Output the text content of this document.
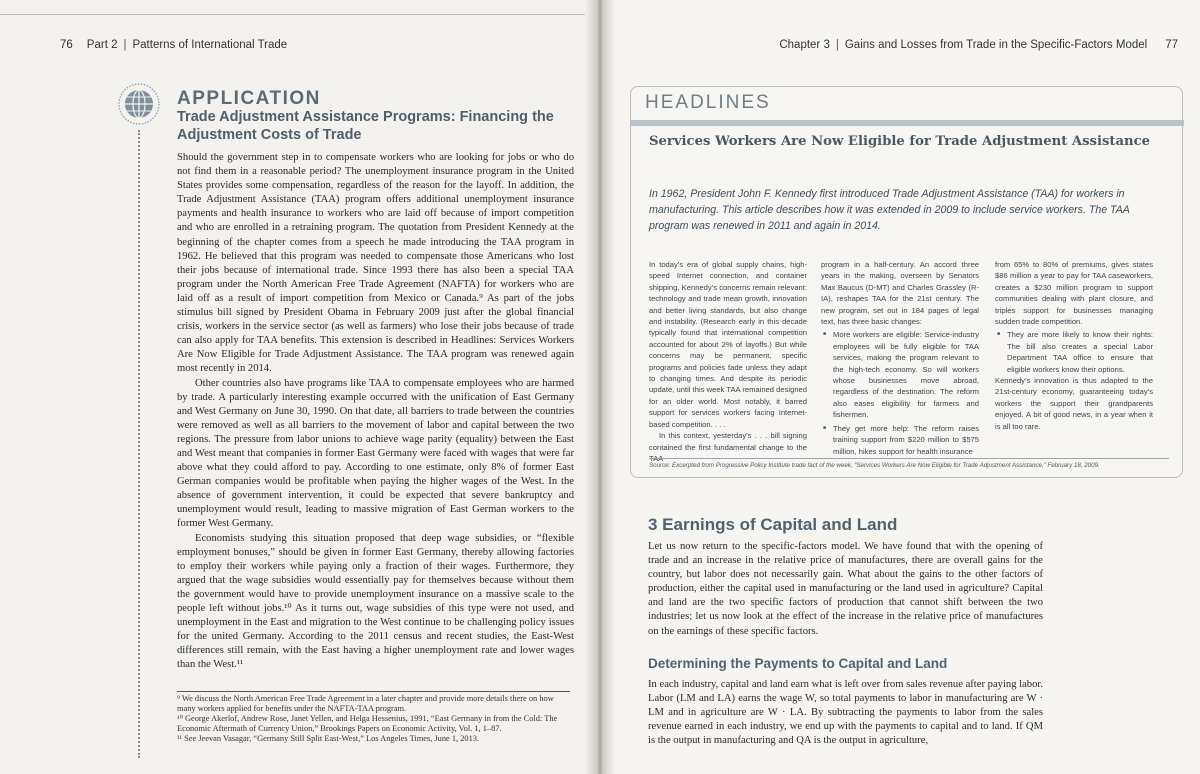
76 Part 2 | Patterns of International Trade
APPLICATION
Trade Adjustment Assistance Programs: Financing the Adjustment Costs of Trade

Should the government step in to compensate workers who are looking for jobs or who do not find them in a reasonable period? The unemployment insurance program in the United States provides some compensation, regardless of the reason for the layoff. In addition, the Trade Adjustment Assistance (TAA) program offers additional unemployment insurance payments and health insurance to workers who are laid off because of import competition and who are enrolled in a retraining program. The quotation from President Kennedy at the beginning of the chapter comes from a speech he made introducing the TAA program in 1962. He believed that this program was needed to compensate those Americans who lost their jobs because of international trade. Since 1993 there has also been a special TAA program under the North American Free Trade Agreement (NAFTA) for workers who are laid off as a result of import competition from Mexico or Canada.⁹ As part of the jobs stimulus bill signed by President Obama in February 2009 just after the global financial crisis, workers in the service sector (as well as farmers) who lose their jobs because of trade can also apply for TAA benefits. This extension is described in Headlines: Services Workers Are Now Eligible for Trade Adjustment Assistance. The TAA program was renewed again most recently in 2014.

Other countries also have programs like TAA to compensate employees who are harmed by trade. A particularly interesting example occurred with the unification of East Germany and West Germany on June 30, 1990. On that date, all barriers to trade between the countries were removed as well as all barriers to the movement of labor and capital between the two regions. The pressure from labor unions to achieve wage parity (equality) between the East and West meant that companies in former East Germany were faced with wages that were far above what they could afford to pay. According to one estimate, only 8% of former East German companies would be profitable when paying the higher wages of the West. In the absence of government intervention, it could be expected that severe bankruptcy and unemployment would result, leading to massive migration of East German workers to the former West Germany.

Economists studying this situation proposed that deep wage subsidies, or “flexible employment bonuses,” should be given in former East Germany, thereby allowing factories to employ their workers while paying only a fraction of their wages. Furthermore, they argued that the wage subsidies would essentially pay for themselves because without them the government would have to provide unemployment insurance on a massive scale to the people left without jobs.¹⁰ As it turns out, wage subsidies of this type were not used, and unemployment in the East and migration to the West continue to be challenging policy issues for the united Germany. According to the 2011 census and recent studies, the East-West differences still remain, with the East having a higher unemployment rate and lower wages than the West.¹¹

⁹ We discuss the North American Free Trade Agreement in a later chapter and provide more details there on how many workers applied for benefits under the NAFTA-TAA program.
¹⁰ George Akerlof, Andrew Rose, Janet Yellen, and Helga Hessenius, 1991, “East Germany in from the Cold: The Economic Aftermath of Currency Union,” Brookings Papers on Economic Activity, Vol. 1, 1–87.
¹¹ See Jeevan Vasagar, “Germany Still Split East-West,” Los Angeles Times, June 1, 2013.
Chapter 3 | Gains and Losses from Trade in the Specific-Factors Model 77
HEADLINES
Services Workers Are Now Eligible for Trade Adjustment Assistance
In 1962, President John F. Kennedy first introduced Trade Adjustment Assistance (TAA) for workers in manufacturing. This article describes how it was extended in 2009 to include service workers. The TAA program was renewed in 2011 and again in 2014.

In today’s era of global supply chains, high-speed Internet connection, and container shipping, Kennedy’s concerns remain relevant: technology and trade mean growth, innovation and better living standards, but also change and instability. (Research early in this decade typically found that international competition accounted for about 2% of layoffs.) But while concerns may be permanent, specific programs and policies fade unless they adapt to changing times. And despite its periodic update, until this week TAA remained designed for an older world. Most notably, it barred support for services workers facing Internet-based competition. . . .

In this context, yesterday’s . . . bill signing contained the first fundamental change to the

program in a half-century. An accord three years in the making, overseen by Senators Max Baucus (D-MT) and Charles Grassley (R-IA), reshapes TAA for the 21st century. The new program, set out in 184 pages of legal text, has three basic changes:

■ More workers are eligible: Service-industry employees will be fully eligible for TAA services, making the program relevant to the high-tech economy. So will workers whose businesses move abroad, regardless of the destination. The reform also eases eligibility for farmers and fishermen.
■ They get more help: The reform raises training support from $220 million to $575 million, hikes support for health insurance

from 65% to 80% of premiums, gives states $86 million a year to pay for TAA caseworkers, creates a $230 million program to support communities dealing with plant closure, and triples support for businesses managing sudden trade competition.

■ They are more likely to know their rights: The bill also creates a special Labor Department TAA office to ensure that eligible workers know their options.

Kennedy’s innovation is thus adapted to the 21st-century economy, guaranteeing today’s workers the support their grandparents enjoyed. A bit of good news, in a year when it is all too rare.

Source: Excerpted from Progressive Policy Institute trade fact of the week, “Services Workers Are Now Eligible for Trade Adjustment Assistance,” February 18, 2009.
3 Earnings of Capital and Land

Let us now return to the specific-factors model. We have found that with the opening of trade and an increase in the relative price of manufactures, there are overall gains for the country, but labor does not necessarily gain. What about the gains to the other factors of production, either the capital used in manufacturing or the land used in agriculture? Capital and land are the two specific factors of production that cannot shift between the two industries; let us now look at the effect of the increase in the relative price of manufactures on the earnings of these specific factors.

Determining the Payments to Capital and Land

In each industry, capital and land earn what is left over from sales revenue after paying labor. Labor (LM and LA) earns the wage W, so total payments to labor in manufacturing are W · LM and in agriculture are W · LA. By subtracting the payments to labor from the sales revenue earned in each industry, we end up with the payments to capital and to land. If QM is the output in manufacturing and QA is the output in agriculture,
